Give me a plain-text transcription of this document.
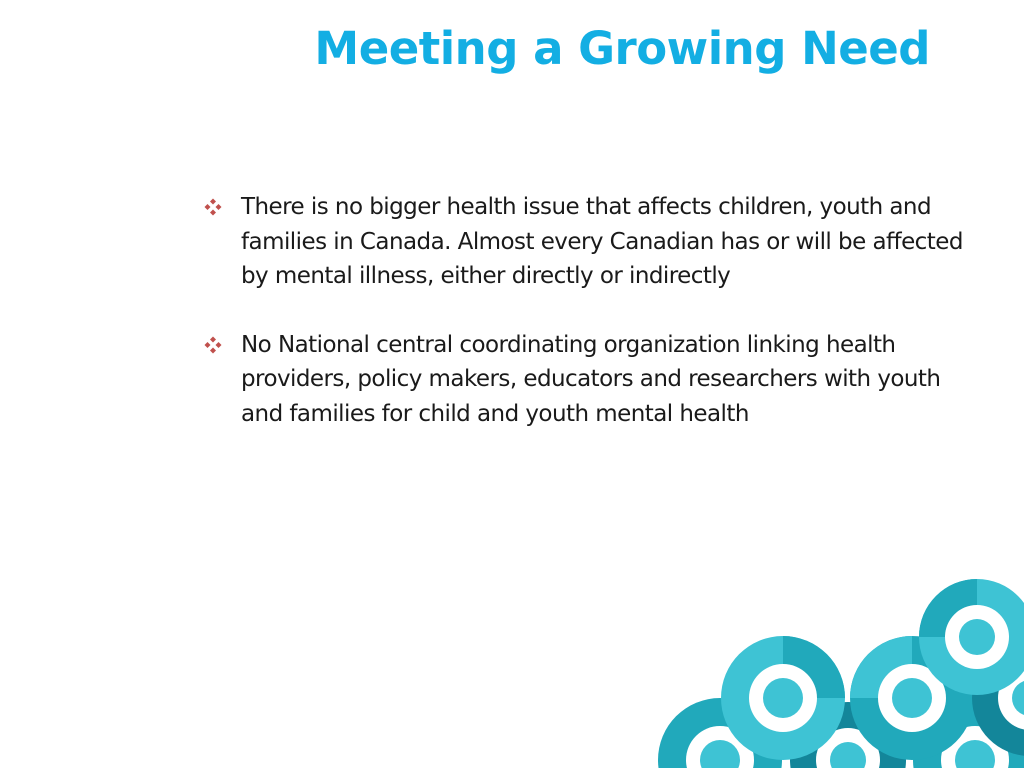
Meeting a Growing Need
There is no bigger health issue that affects children, youth and families in Canada. Almost every Canadian has or will be affected by mental illness, either directly or indirectly
No National central coordinating organization linking health providers, policy makers, educators and researchers with youth and families for child and youth mental health
